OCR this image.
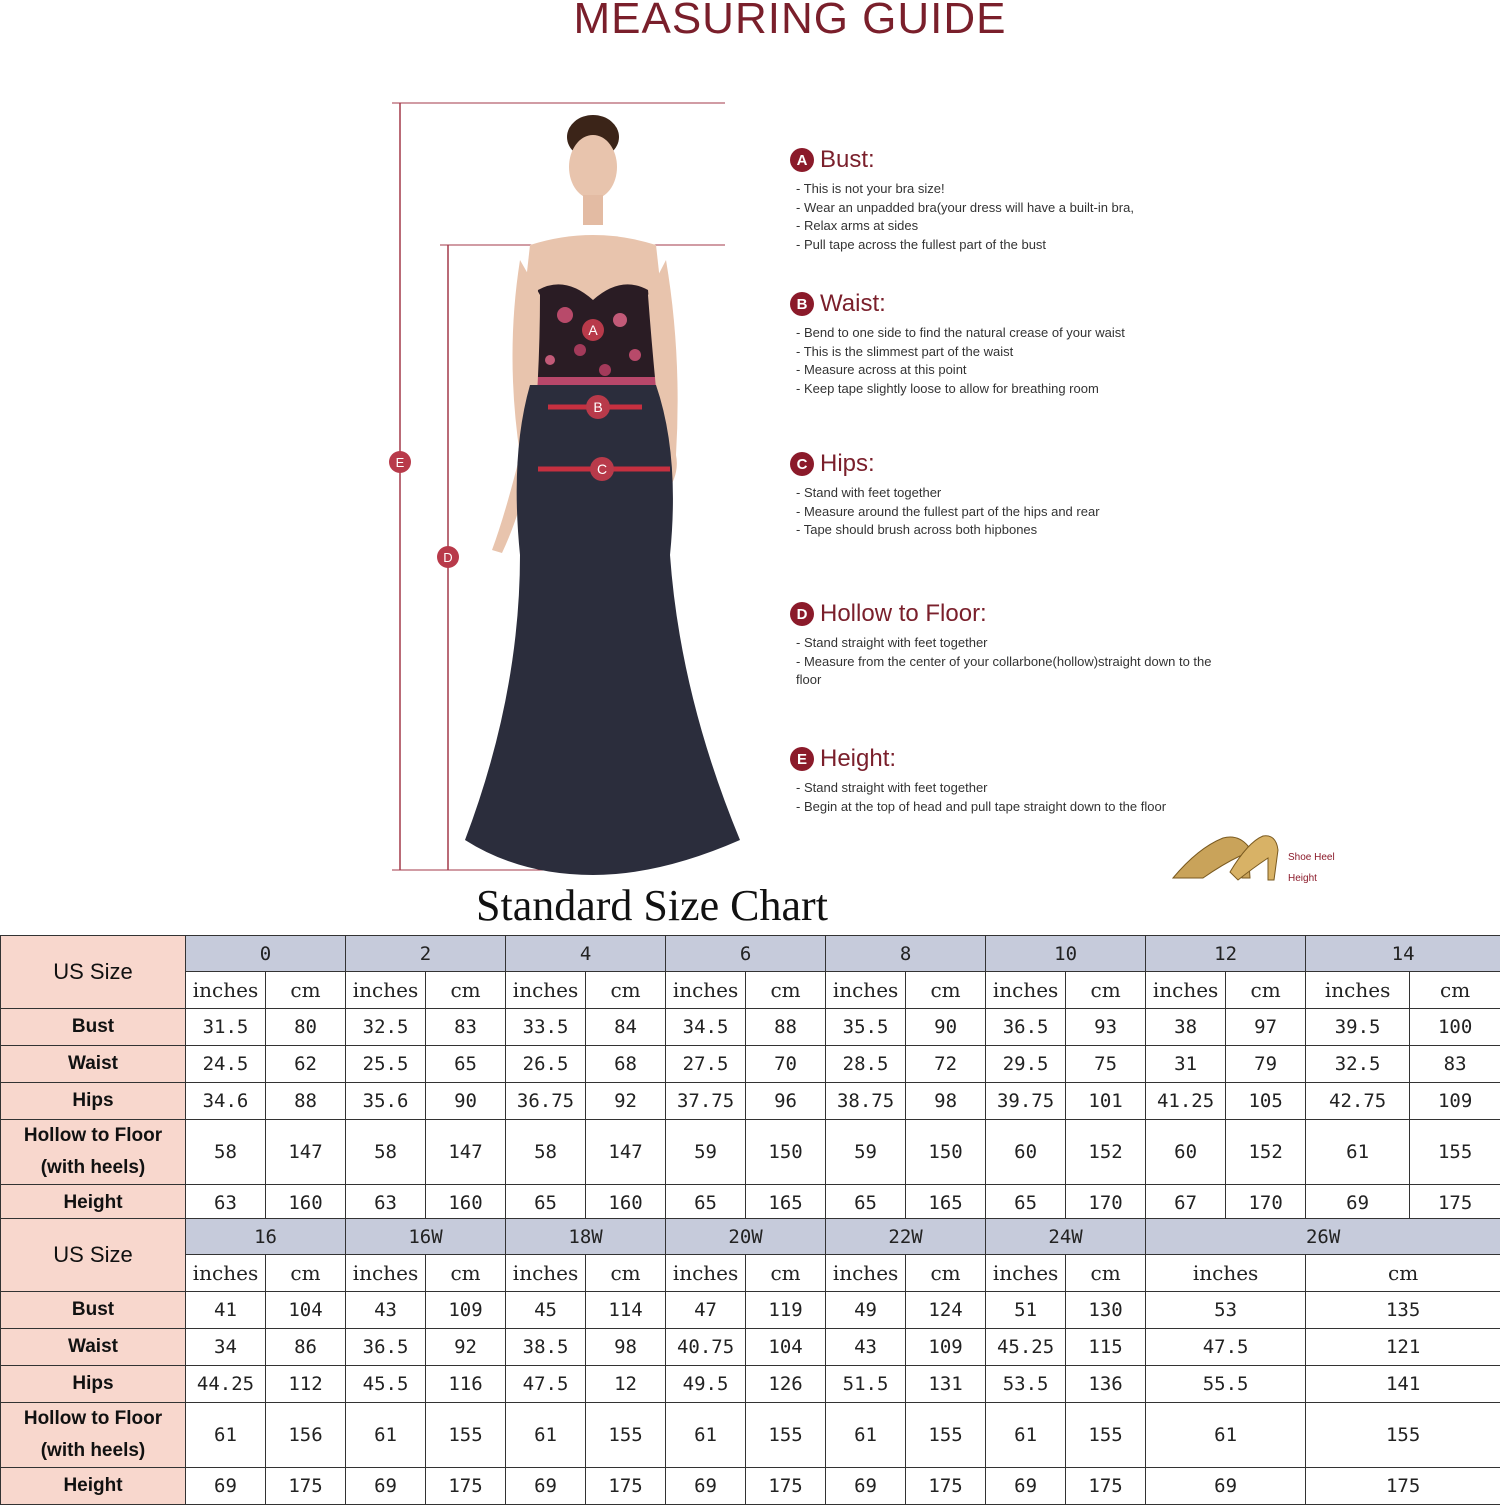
MEASURING GUIDE
A
B
C
D
E
A Bust:
- This is not your bra size!
- Wear an unpadded bra(your dress will have a built-in bra,
- Relax arms at sides
- Pull tape across the fullest part of the bust
B Waist:
- Bend to one side to find the natural crease of your waist
- This is the slimmest part of the waist
- Measure across at this point
- Keep tape slightly loose to allow for breathing room
C Hips:
- Stand with feet together
- Measure around the fullest part of the hips and rear
- Tape should brush across both hipbones
D Hollow to Floor:
- Stand straight with feet together
- Measure from the center of your collarbone(hollow)straight down to the floor
E Height:
- Stand straight with feet together
- Begin at the top of head and pull tape straight down to the floor
Shoe Heel
Height
Standard Size Chart
US Size	0		2		4		6		8		10		12		14	
	inches	cm	inches	cm	inches	cm	inches	cm	inches	cm	inches	cm	inches	cm	inches	cm
Bust	31.5	80	32.5	83	33.5	84	34.5	88	35.5	90	36.5	93	38	97	39.5	100
Waist	24.5	62	25.5	65	26.5	68	27.5	70	28.5	72	29.5	75	31	79	32.5	83
Hips	34.6	88	35.6	90	36.75	92	37.75	96	38.75	98	39.75	101	41.25	105	42.75	109

Hollow to Floor
(with heels)	58	147	58	147	58	147	59	150	59	150	60	152	60	152	61	155
Height	63	160	63	160	65	160	65	165	65	165	65	170	67	170	69	175
US Size	16		16W		18W		20W		22W		24W		26W	
	inches	cm	inches	cm	inches	cm	inches	cm	inches	cm	inches	cm	inches	cm
Bust	41	104	43	109	45	114	47	119	49	124	51	130	53	135
Waist	34	86	36.5	92	38.5	98	40.75	104	43	109	45.25	115	47.5	121
Hips	44.25	112	45.5	116	47.5	12	49.5	126	51.5	131	53.5	136	55.5	141

Hollow to Floor
(with heels)	61	156	61	155	61	155	61	155	61	155	61	155	61	155
Height	69	175	69	175	69	175	69	175	69	175	69	175	69	175
